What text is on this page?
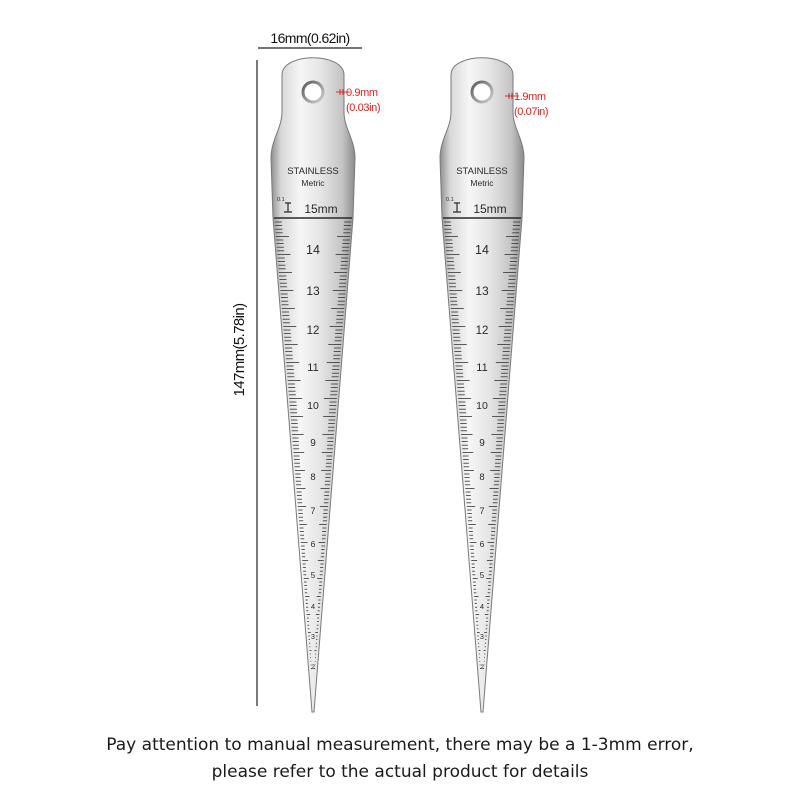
16mm(0.62in)
147mm(5.78in)
STAINLESS
Metric
0.1
15mm
14
13
12
11
10
9
8
7
6
5
4
3
2
0.9mm
(0.03in)
STAINLESS
Metric
0.1
15mm
14
13
12
11
10
9
8
7
6
5
4
3
2
1.9mm
(0.07in)
Pay attention to manual measurement, there may be a 1-3mm error,
please refer to the actual product for details
